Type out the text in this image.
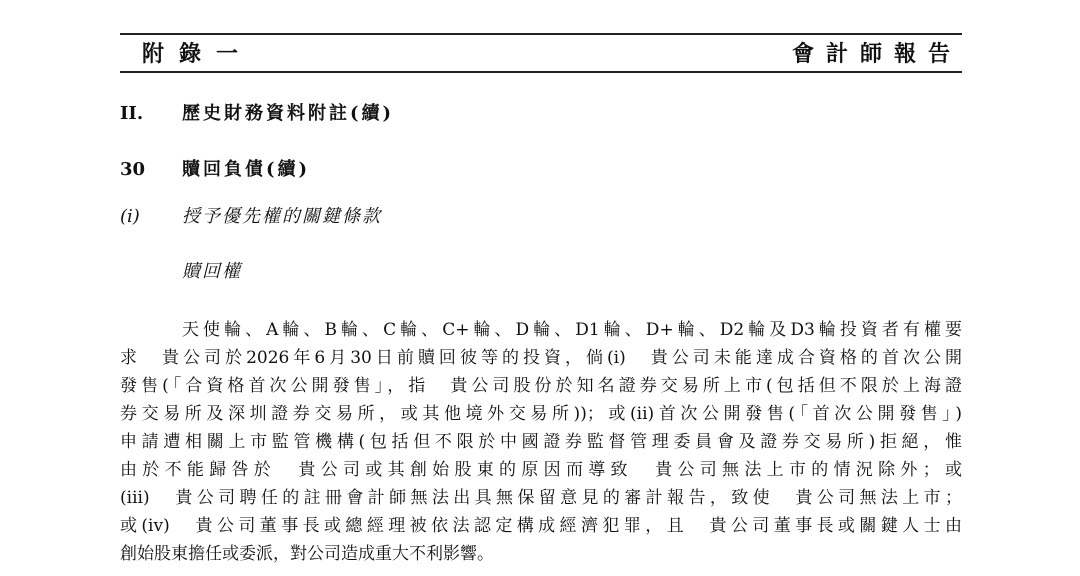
附錄一	會計師報告
II. 歷史財務資料附註(續)
30 贖回負債(續)
(i) 授予優先權的關鍵條款
贖回權
天使輪、A輪、B輪、C輪、C+輪、D輪、D1輪、D+輪、D2輪及D3輪投資者有權要
求　貴公司於2026年6月30日前贖回彼等的投資，倘(i)　貴公司未能達成合資格的首次公開
發售(「合資格首次公開發售」，指　貴公司股份於知名證券交易所上市(包括但不限於上海證
券交易所及深圳證券交易所，或其他境外交易所))；或(ii)首次公開發售(「首次公開發售」)
申請遭相關上市監管機構(包括但不限於中國證券監督管理委員會及證券交易所)拒絕，惟
由於不能歸咎於　貴公司或其創始股東的原因而導致　貴公司無法上市的情況除外；或
(iii)　貴公司聘任的註冊會計師無法出具無保留意見的審計報告，致使　貴公司無法上市；
或(iv)　貴公司董事長或總經理被依法認定構成經濟犯罪，且　貴公司董事長或關鍵人士由
創始股東擔任或委派，對公司造成重大不利影響。
